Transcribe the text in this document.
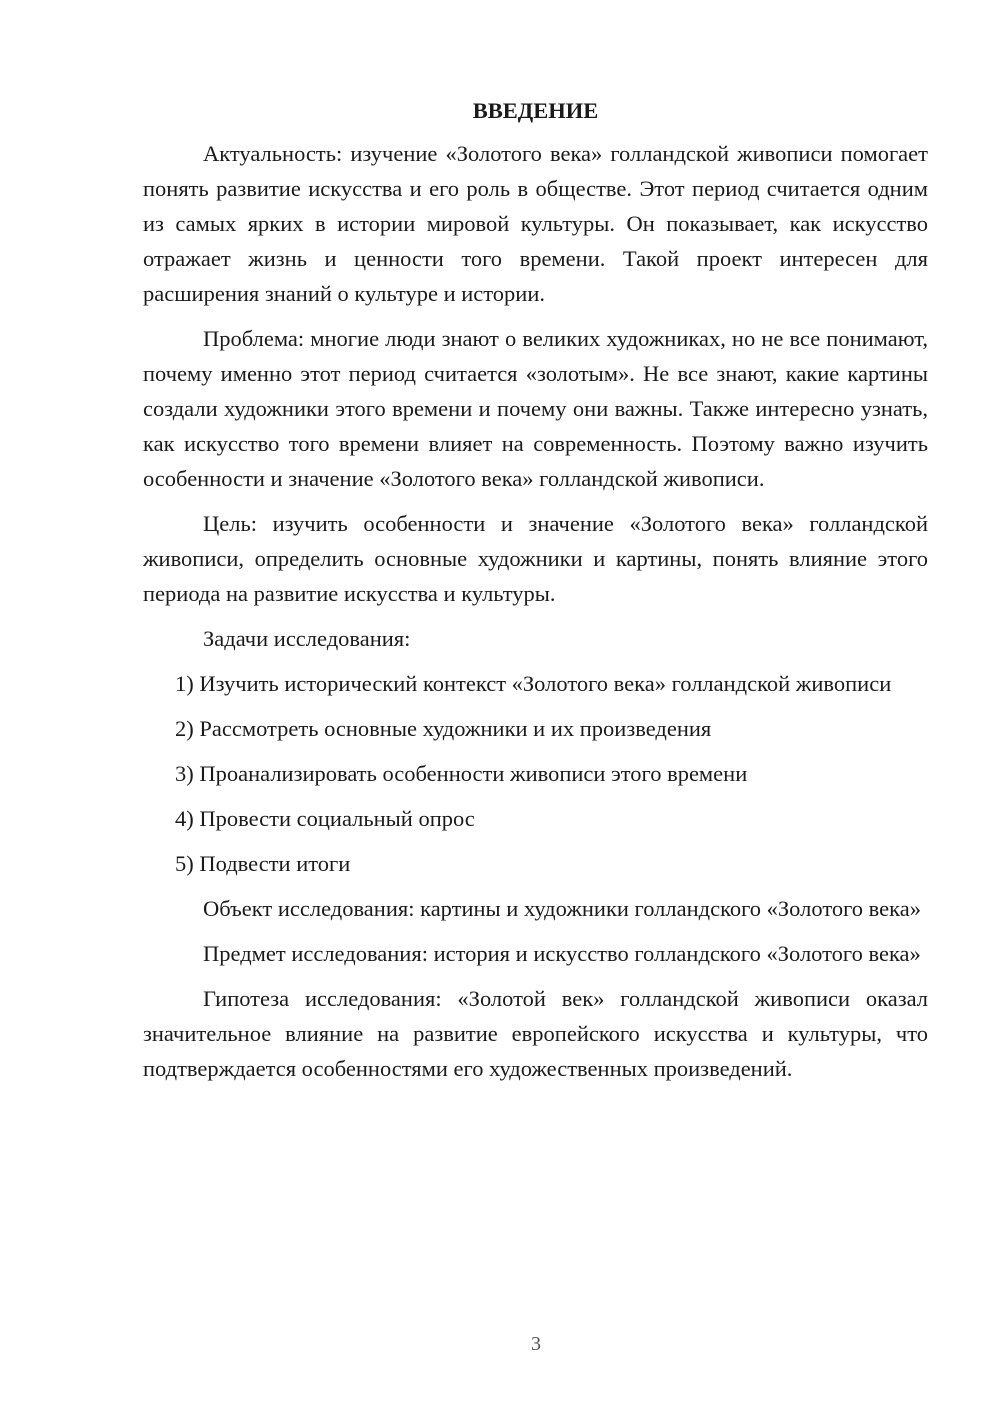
ВВЕДЕНИЕ

Актуальность: изучение «Золотого века» голландской живописи помогает понять развитие искусства и его роль в обществе. Этот период считается одним из самых ярких в истории мировой культуры. Он показывает, как искусство отражает жизнь и ценности того времени. Такой проект интересен для расширения знаний о культуре и истории.

Проблема: многие люди знают о великих художниках, но не все понимают, почему именно этот период считается «золотым». Не все знают, какие картины создали художники этого времени и почему они важны. Также интересно узнать, как искусство того времени влияет на современность. Поэтому важно изучить особенности и значение «Золотого века» голландской живописи.

Цель: изучить особенности и значение «Золотого века» голландской живописи, определить основные художники и картины, понять влияние этого периода на развитие искусства и культуры.

Задачи исследования:

1) Изучить исторический контекст «Золотого века» голландской живописи

2) Рассмотреть основные художники и их произведения

3) Проанализировать особенности живописи этого времени

4) Провести социальный опрос

5) Подвести итоги

Объект исследования: картины и художники голландского «Золотого века»

Предмет исследования: история и искусство голландского «Золотого века»

Гипотеза исследования: «Золотой век» голландской живописи оказал значительное влияние на развитие европейского искусства и культуры, что подтверждается особенностями его художественных произведений.

3
